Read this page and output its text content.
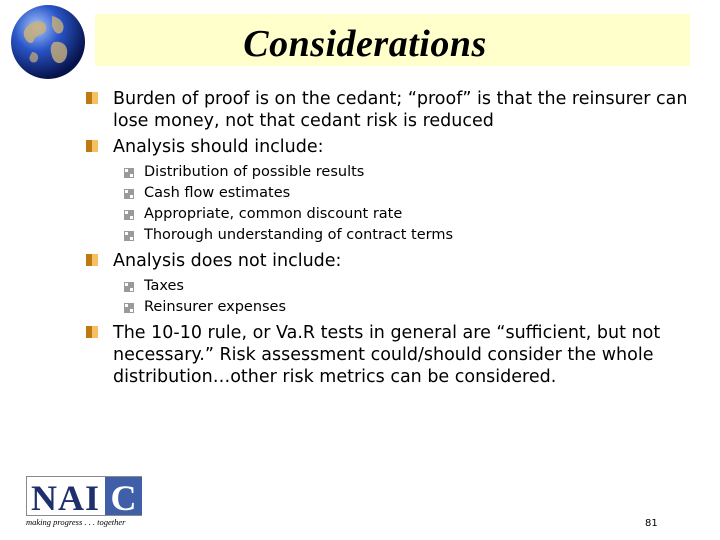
Considerations
Burden of proof is on the cedant; “proof” is that the reinsurer can lose money, not that cedant risk is reduced
Analysis should include:
Distribution of possible results
Cash flow estimates
Appropriate, common discount rate
Thorough understanding of contract terms
Analysis does not include:
Taxes
Reinsurer expenses
The 10-10 rule, or Va.R tests in general are “sufficient, but not necessary.” Risk assessment could/should consider the whole distribution…other risk metrics can be considered.
NAI C
making progress . . . together	81
